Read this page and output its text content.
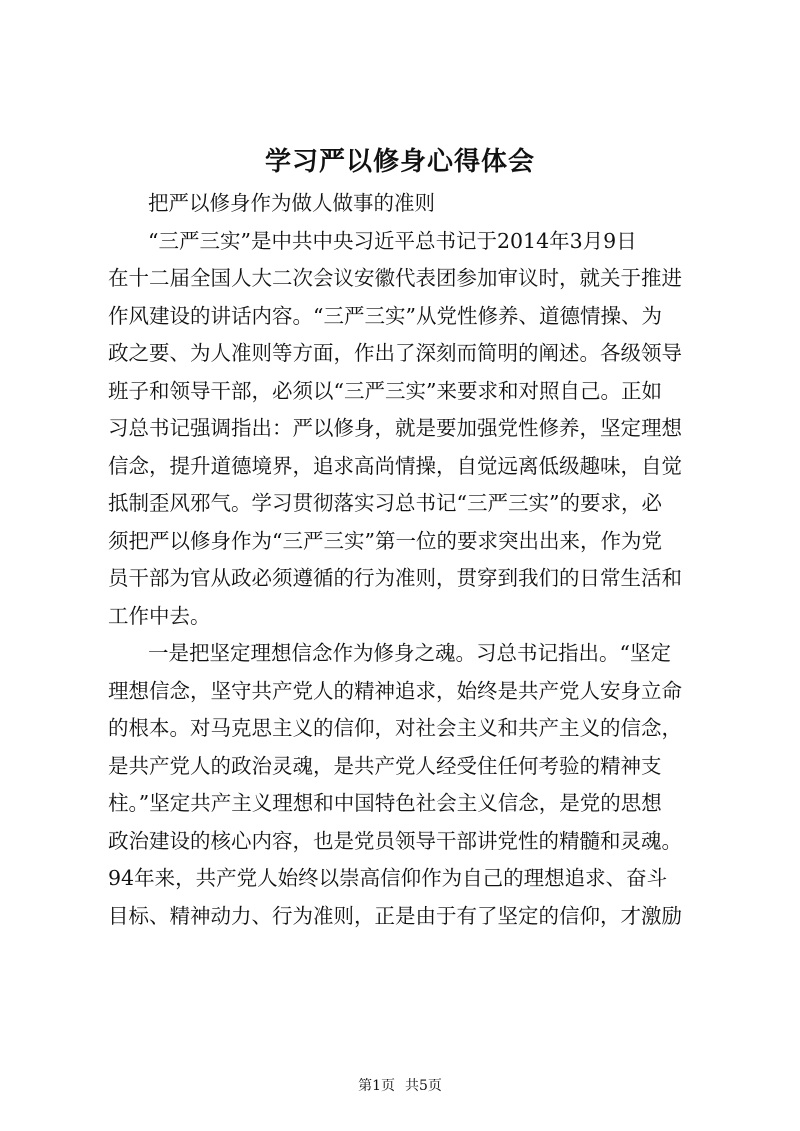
学习严以修身心得体会
把严以修身作为做人做事的准则
“三严三实”是中共中央习近平总书记于2014年3月9日
在十二届全国人大二次会议安徽代表团参加审议时，就关于推进
作风建设的讲话内容。“三严三实”从党性修养、道德情操、为
政之要、为人准则等方面，作出了深刻而简明的阐述。各级领导
班子和领导干部，必须以“三严三实”来要求和对照自己。正如
习总书记强调指出：严以修身，就是要加强党性修养，坚定理想
信念，提升道德境界，追求高尚情操，自觉远离低级趣味，自觉
抵制歪风邪气。学习贯彻落实习总书记“三严三实”的要求，必
须把严以修身作为“三严三实”第一位的要求突出出来，作为党
员干部为官从政必须遵循的行为准则，贯穿到我们的日常生活和
工作中去。
一是把坚定理想信念作为修身之魂。习总书记指出。“坚定
理想信念，坚守共产党人的精神追求，始终是共产党人安身立命
的根本。对马克思主义的信仰，对社会主义和共产主义的信念，
是共产党人的政治灵魂，是共产党人经受住任何考验的精神支
柱。”坚定共产主义理想和中国特色社会主义信念，是党的思想
政治建设的核心内容，也是党员领导干部讲党性的精髓和灵魂。
94年来，共产党人始终以崇高信仰作为自己的理想追求、奋斗
目标、精神动力、行为准则，正是由于有了坚定的信仰，才激励
第1页 共5页
